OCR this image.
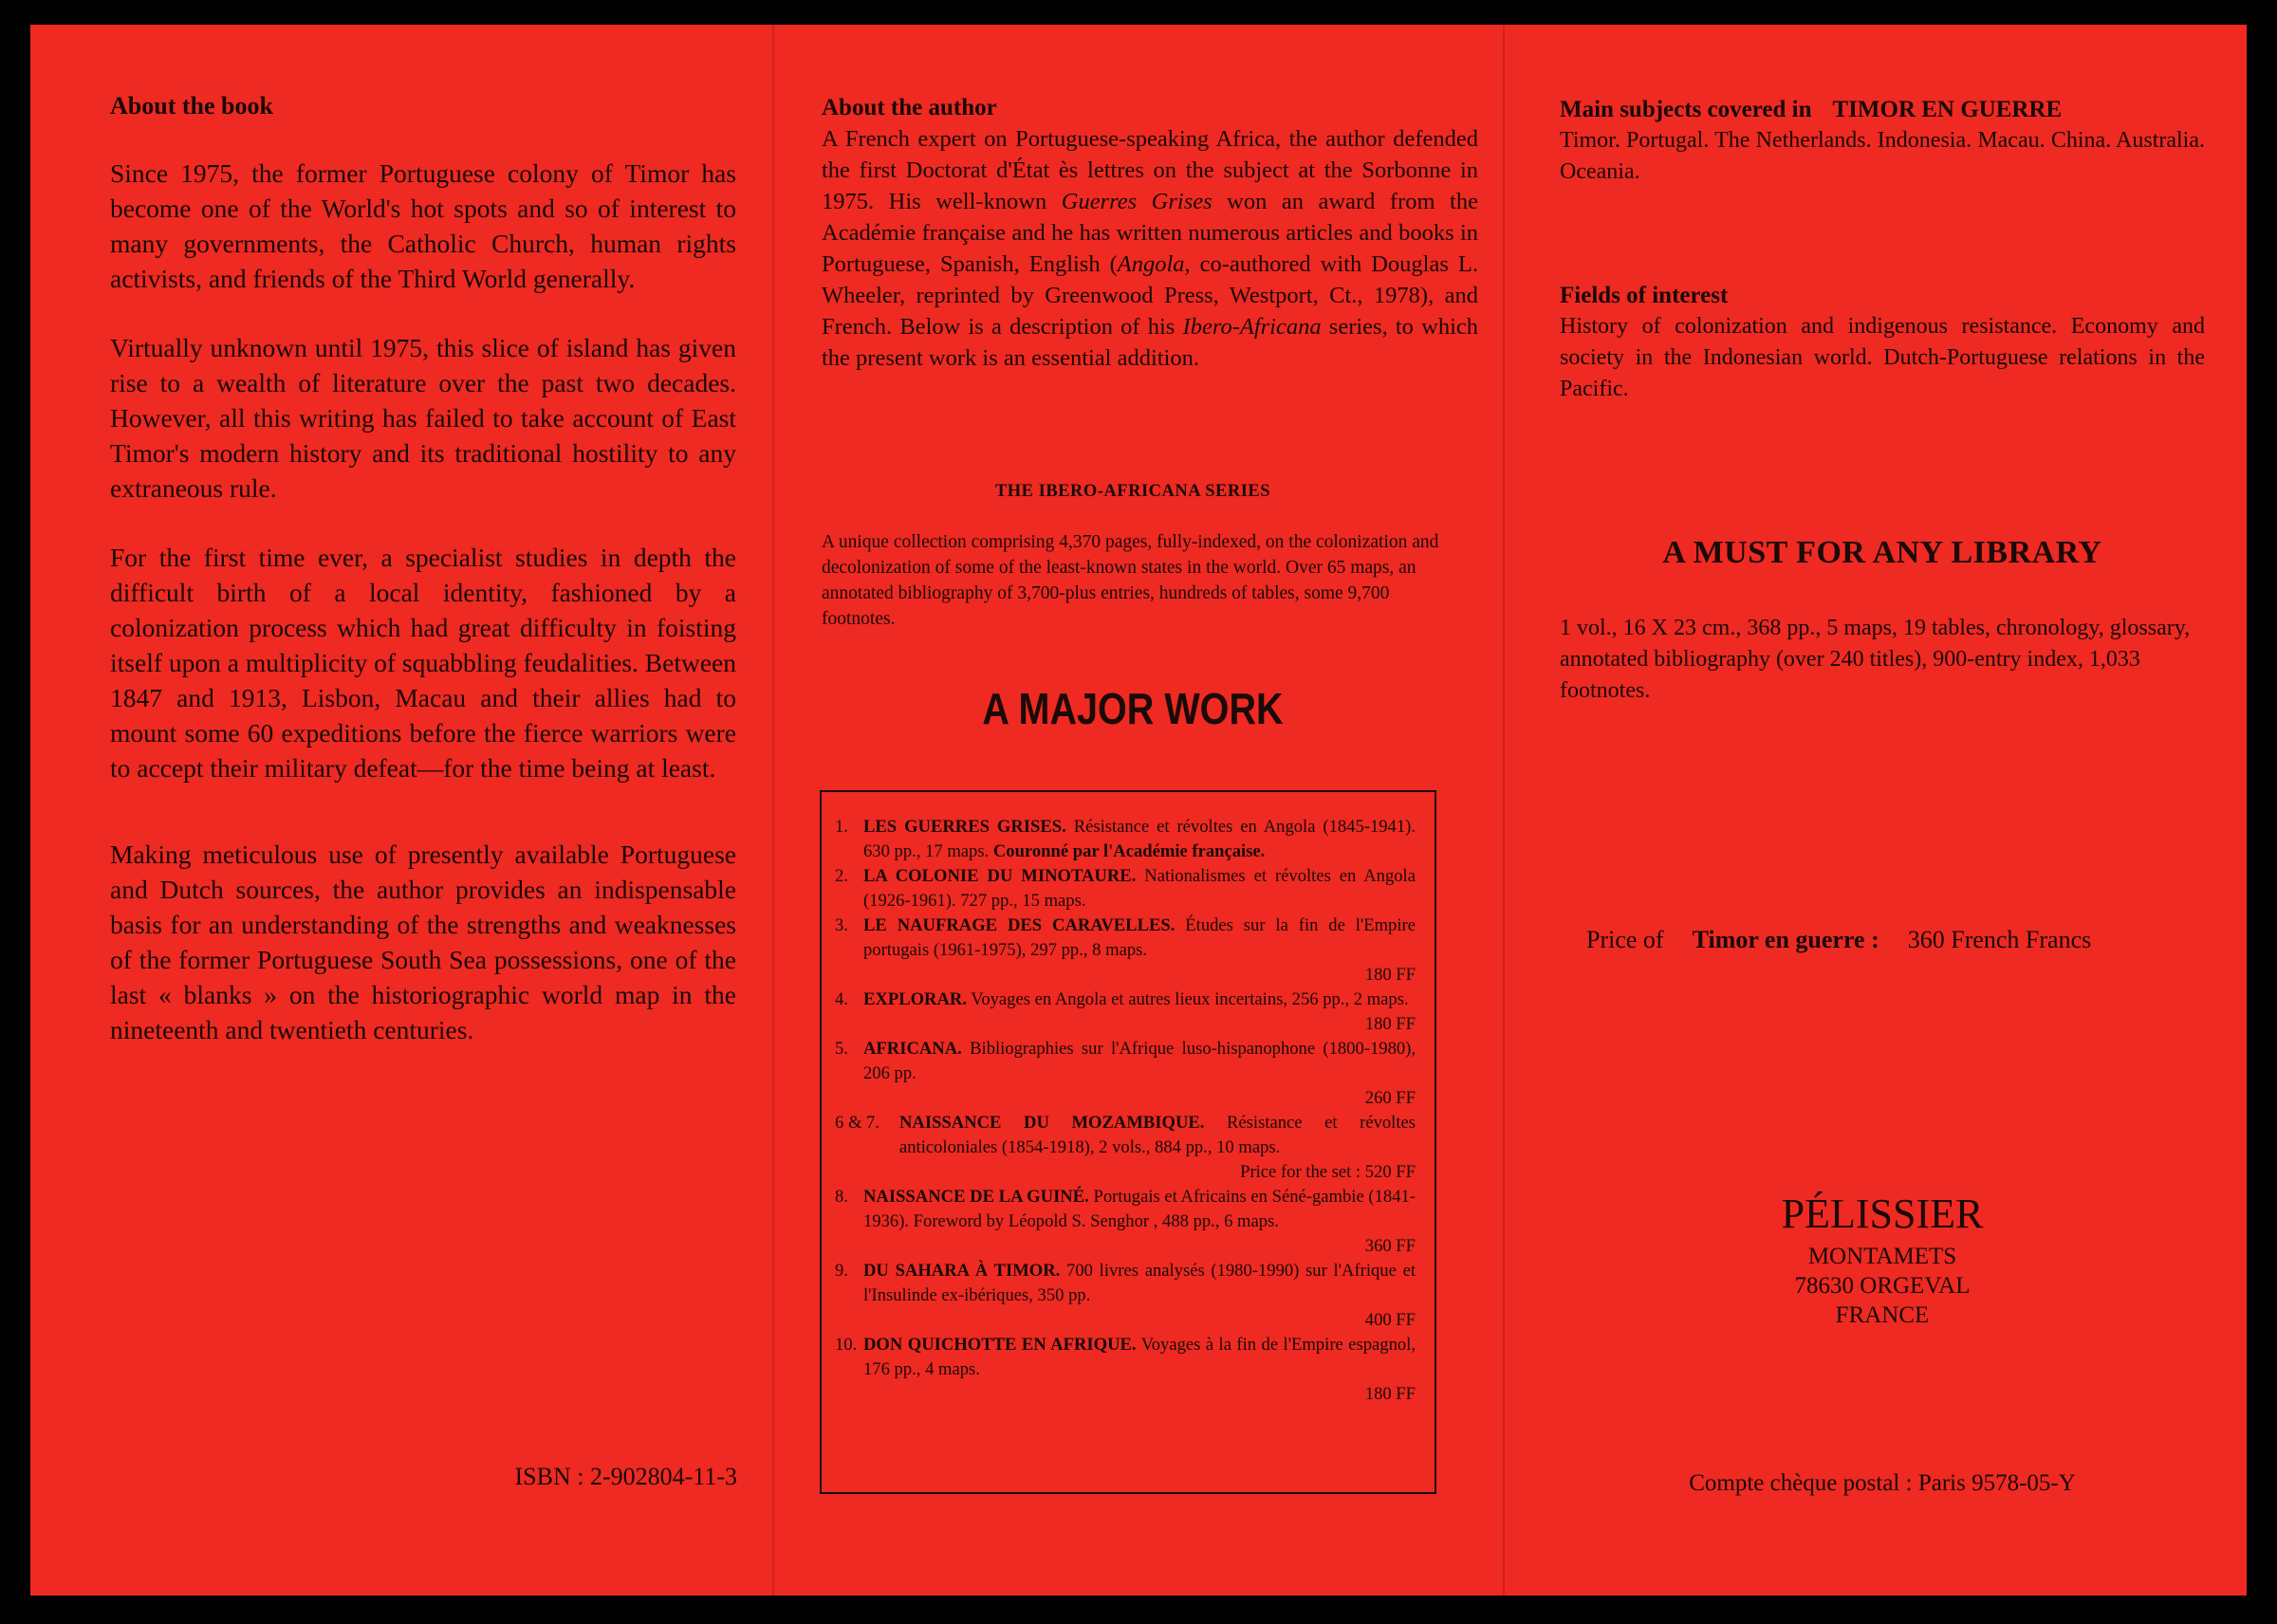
About the book

Since 1975, the former Portuguese colony of Timor has become one of the World's hot spots and so of interest to many governments, the Catholic Church, human rights activists, and friends of the Third World generally.

Virtually unknown until 1975, this slice of island has given rise to a wealth of literature over the past two decades. However, all this writing has failed to take account of East Timor's modern history and its traditional hostility to any extraneous rule.

For the first time ever, a specialist studies in depth the difficult birth of a local identity, fashioned by a colonization process which had great difficulty in foisting itself upon a multiplicity of squabbling feudalities. Between 1847 and 1913, Lisbon, Macau and their allies had to mount some 60 expeditions before the fierce warriors were to accept their military defeat—for the time being at least.

Making meticulous use of presently available Portuguese and Dutch sources, the author provides an indispensable basis for an understanding of the strengths and weaknesses of the former Portuguese South Sea possessions, one of the last « blanks » on the historiographic world map in the nineteenth and twentieth centuries.

ISBN : 2-902804-11-3
About the author

A French expert on Portuguese-speaking Africa, the author defended the first Doctorat d'État ès lettres on the subject at the Sorbonne in 1975. His well-known Guerres Grises won an award from the Académie française and he has written numerous articles and books in Portuguese, Spanish, English (Angola, co-authored with Douglas L. Wheeler, reprinted by Greenwood Press, Westport, Ct., 1978), and French. Below is a description of his Ibero-Africana series, to which the present work is an essential addition.

THE IBERO-AFRICANA SERIES
A unique collection comprising 4,370 pages, fully-indexed, on the colonization and decolonization of some of the least-known states in the world. Over 65 maps, an annotated bibliography of 3,700-plus entries, hundreds of tables, some 9,700 footnotes.
A MAJOR WORK
1. LES GUERRES GRISES. Résistance et révoltes en Angola (1845-1941). 630 pp., 17 maps. Couronné par l'Académie française.
2. LA COLONIE DU MINOTAURE. Nationalismes et révoltes en Angola (1926-1961). 727 pp., 15 maps.
3. LE NAUFRAGE DES CARAVELLES. Études sur la fin de l'Empire portugais (1961-1975), 297 pp., 8 maps.
180 FF
4. EXPLORAR. Voyages en Angola et autres lieux incertains, 256 pp., 2 maps.
180 FF
5. AFRICANA. Bibliographies sur l'Afrique luso-hispanophone (1800-1980), 206 pp.
260 FF
6 & 7.	NAISSANCE DU MOZAMBIQUE. Résistance et révoltes anticoloniales (1854-1918), 2 vols., 884 pp., 10 maps.
Price for the set : 520 FF
8. NAISSANCE DE LA GUINÉ. Portugais et Africains en Séné-gambie (1841-1936). Foreword by Léopold S. Senghor , 488 pp., 6 maps.
360 FF
9. DU SAHARA À TIMOR. 700 livres analysés (1980-1990) sur l'Afrique et l'Insulinde ex-ibériques, 350 pp.
400 FF
10. DON QUICHOTTE EN AFRIQUE. Voyages à la fin de l'Empire espagnol, 176 pp., 4 maps.
180 FF
Main subjects covered in TIMOR EN GUERRE

Timor. Portugal. The Netherlands. Indonesia. Macau. China. Australia. Oceania.

Fields of interest

History of colonization and indigenous resistance. Economy and society in the Indonesian world. Dutch-Portuguese relations in the Pacific.

A MUST FOR ANY LIBRARY

1 vol., 16 X 23 cm., 368 pp., 5 maps, 19 tables, chronology, glossary, annotated bibliography (over 240 titles), 900-entry index, 1,033 footnotes.

Price of Timor en guerre : 360 French Francs
PÉLISSIER
MONTAMETS
78630 ORGEVAL
FRANCE
Compte chèque postal : Paris 9578-05-Y
